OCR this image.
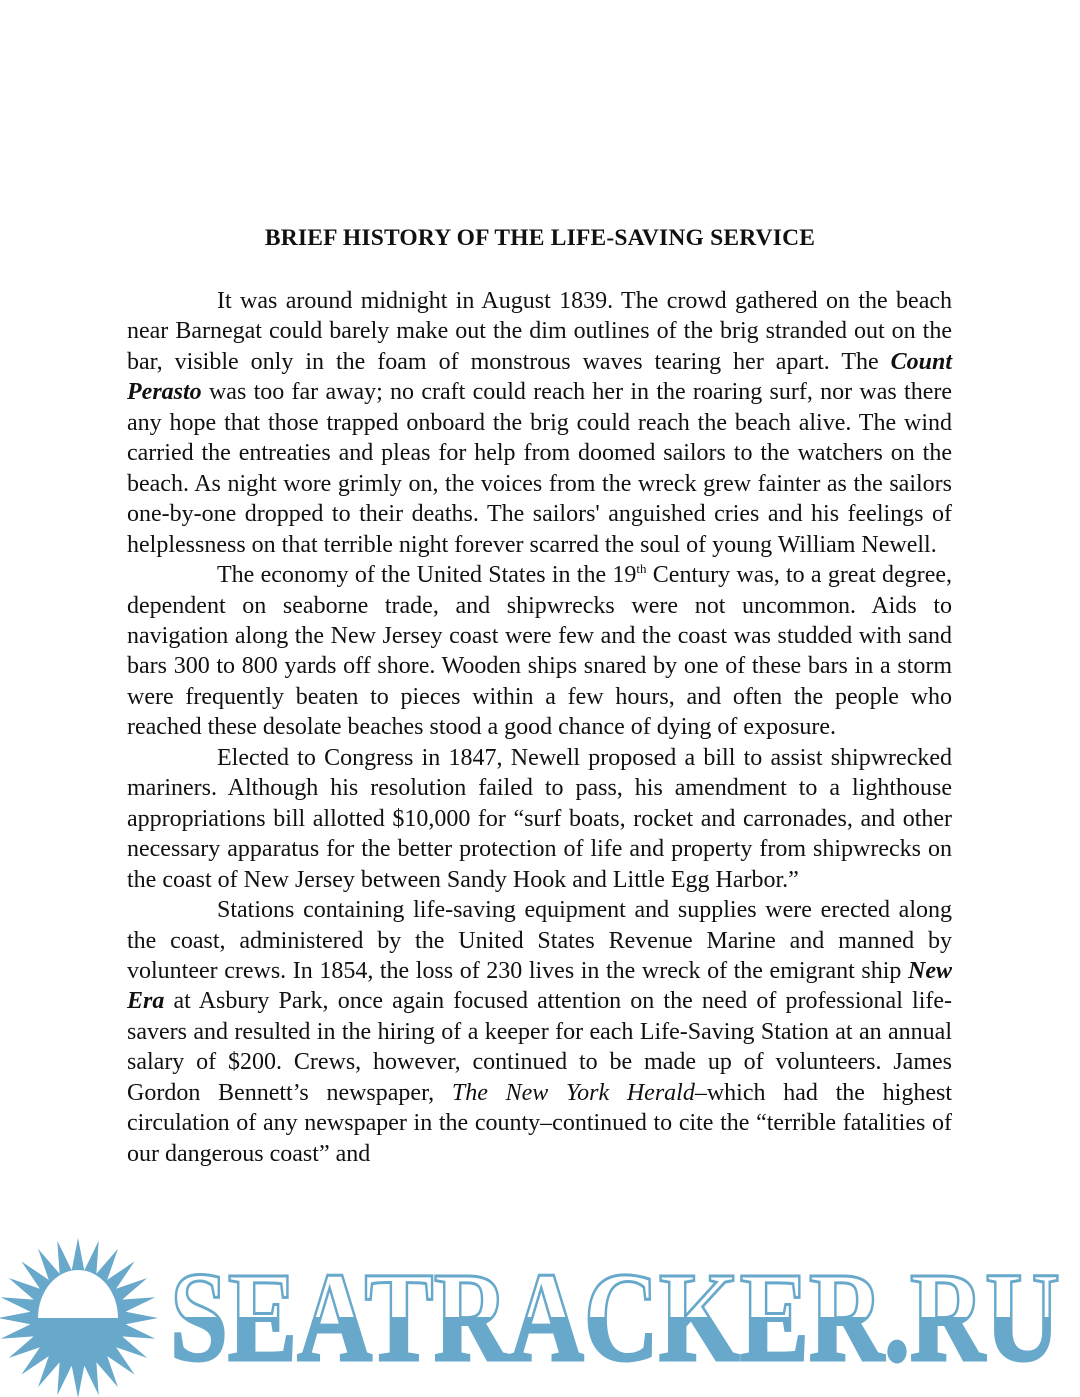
BRIEF HISTORY OF THE LIFE-SAVING SERVICE

It was around midnight in August 1839. The crowd gathered on the beach near Barnegat could barely make out the dim outlines of the brig stranded out on the bar, visible only in the foam of monstrous waves tearing her apart. The Count Perasto was too far away; no craft could reach her in the roaring surf, nor was there any hope that those trapped onboard the brig could reach the beach alive. The wind carried the entreaties and pleas for help from doomed sailors to the watchers on the beach. As night wore grimly on, the voices from the wreck grew fainter as the sailors one-by-one dropped to their deaths. The sailors' anguished cries and his feelings of helplessness on that terrible night forever scarred the soul of young William Newell.

The economy of the United States in the 19th Century was, to a great degree, dependent on seaborne trade, and shipwrecks were not uncommon. Aids to navigation along the New Jersey coast were few and the coast was studded with sand bars 300 to 800 yards off shore. Wooden ships snared by one of these bars in a storm were frequently beaten to pieces within a few hours, and often the people who reached these desolate beaches stood a good chance of dying of exposure.

Elected to Congress in 1847, Newell proposed a bill to assist shipwrecked mariners. Although his resolution failed to pass, his amendment to a lighthouse appropriations bill allotted $10,000 for “surf boats, rocket and carronades, and other necessary apparatus for the better protection of life and property from shipwrecks on the coast of New Jersey between Sandy Hook and Little Egg Harbor.”

Stations containing life-saving equipment and supplies were erected along the coast, administered by the United States Revenue Marine and manned by volunteer crews. In 1854, the loss of 230 lives in the wreck of the emigrant ship New Era at Asbury Park, once again focused attention on the need of professional life-savers and resulted in the hiring of a keeper for each Life-Saving Station at an annual salary of $200. Crews, however, continued to be made up of volunteers. James Gordon Bennett’s newspaper, The New York Herald–which had the highest circulation of any newspaper in the county–continued to cite the “terrible fatalities of our dangerous coast” and

SEATRACKER.RU
